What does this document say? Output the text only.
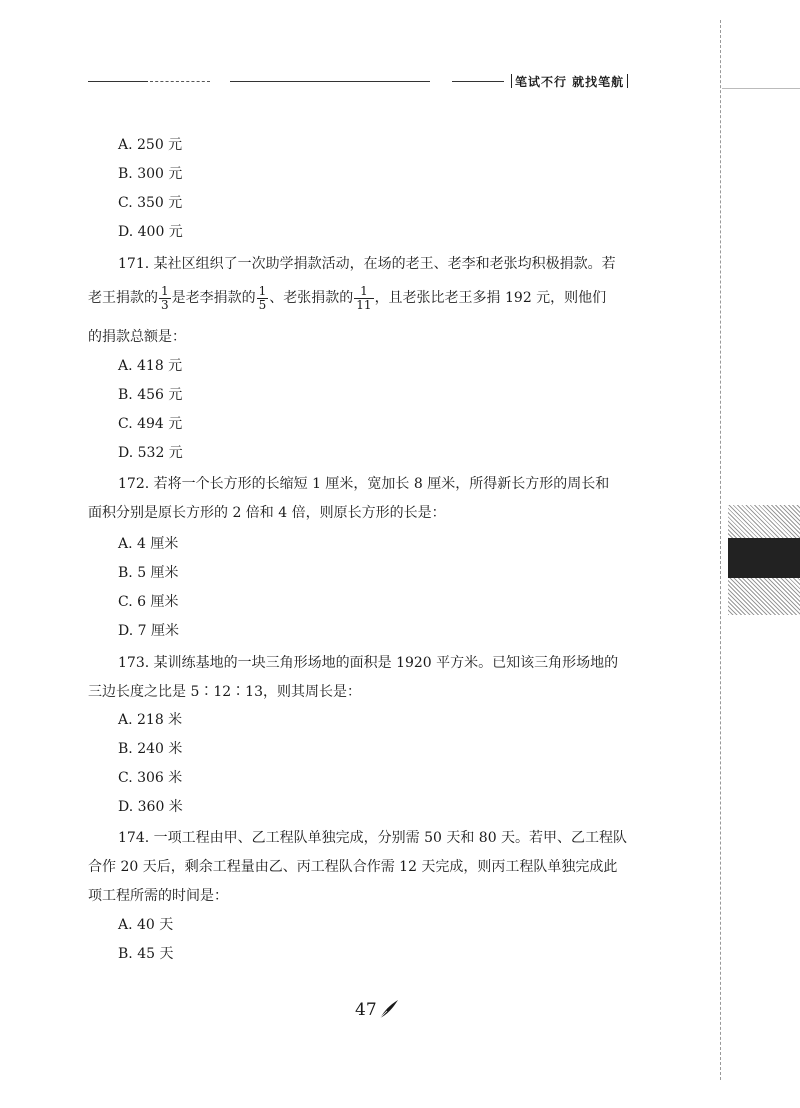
笔试不行 就找笔航
A. 250 元
B. 300 元
C. 350 元
D. 400 元
171. 某社区组织了一次助学捐款活动，在场的老王、老李和老张均积极捐款。若
老王捐款的 $\frac{1}{3}$ 是老李捐款的 $\frac{1}{5}$ 、老张捐款的 $\frac{1}{11}$ ，且老张比老王多捐 192 元，则他们
的捐款总额是：
A. 418 元
B. 456 元
C. 494 元
D. 532 元
172. 若将一个长方形的长缩短 1 厘米，宽加长 8 厘米，所得新长方形的周长和
面积分别是原长方形的 2 倍和 4 倍，则原长方形的长是：
A. 4 厘米
B. 5 厘米
C. 6 厘米
D. 7 厘米
173. 某训练基地的一块三角形场地的面积是 1920 平方米。已知该三角形场地的
三边长度之比是 5∶12∶13，则其周长是：
A. 218 米
B. 240 米
C. 306 米
D. 360 米
174. 一项工程由甲、乙工程队单独完成，分别需 50 天和 80 天。若甲、乙工程队
合作 20 天后，剩余工程量由乙、丙工程队合作需 12 天完成，则丙工程队单独完成此
项工程所需的时间是：
A. 40 天
B. 45 天
47
